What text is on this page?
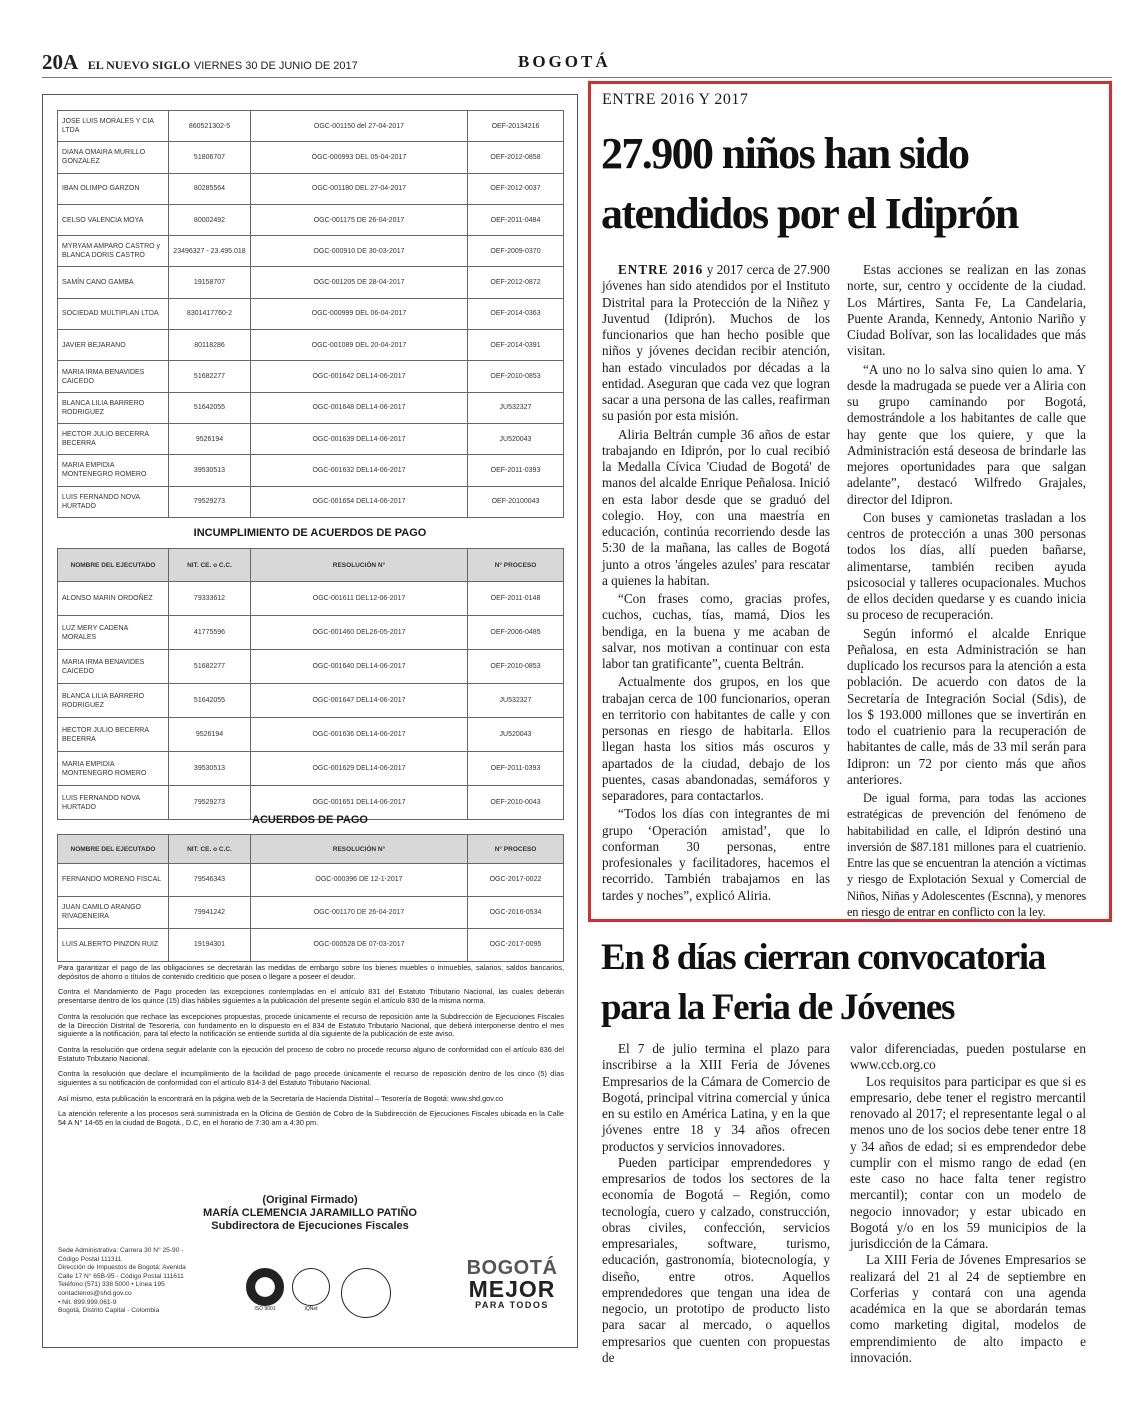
20A EL NUEVO SIGLO VIERNES 30 DE JUNIO DE 2017	BOGOTÁ
JOSE LUIS MORALES Y CIA LTDA	860521302-5	OGC-001150 del 27-04-2017	OEF-20134216
DIANA OMAIRA MURILLO GONZALEZ	51806707	OGC-000993 DEL 05-04-2017	OEF-2012-0858
IBAN OLIMPO GARZON	80285564	OGC-001180 DEL 27-04-2017	OEF-2012-0037
CELSO VALENCIA MOYA	80002492	OGC-001175 DE 26-04-2017	OEF-2011-0484
MYRYAM AMPARO CASTRO y BLANCA DORIS CASTRO	23496327 - 23.495.018	OGC-000910 DE 30-03-2017	OEF-2009-0370
SAMÍN CANO GAMBA	19158707	OGC-001205 DE 28-04-2017	OEF-2012-0872
SOCIEDAD MULTIPLAN LTDA	8301417760-2	OGC-000999 DEL 06-04-2017	OEF-2014-0363
JAVIER BEJARANO	80118286	OGC-001089 DEL 20-04-2017	OEF-2014-0391
MARIA IRMA BENAVIDES CAICEDO	51682277	OGC-001642 DEL14-06-2017	OEF-2010-0853
BLANCA LILIA BARRERO RODRIGUEZ	51642055	OGC-001648 DEL14-06-2017	JU532327
HECTOR JULIO BECERRA BECERRA	9526194	OGC-001639 DEL14-06-2017	JU520043
MARIA EMPIDIA MONTENEGRO ROMERO	39530513	OGC-001632 DEL14-06-2017	OEF-2011-0393
LUIS FERNANDO NOVA HURTADO	79529273	OGC-001654 DEL14-06-2017	OEF-20100043
INCUMPLIMIENTO DE ACUERDOS DE PAGO
NOMBRE DEL EJECUTADO	NIT. CE. o C.C.	RESOLUCIÓN N°	N° PROCESO
ALONSO MARIN ORDOÑEZ	79333612	OGC-001611 DEL12-06-2017	OEF-2011-0148
LUZ MERY CADENA MORALES	41775596	OGC-001460 DEL26-05-2017	OEF-2006-0485
MARIA IRMA BENAVIDES CAICEDO	51682277	OGC-001640 DEL14-06-2017	OEF-2010-0853
BLANCA LILIA BARRERO RODRIGUEZ	51642055	OGC-001647 DEL14-06-2017	JU532327
HECTOR JULIO BECERRA BECERRA	9526194	OGC-001636 DEL14-06-2017	JU520043
MARIA EMPIDIA MONTENEGRO ROMERO	39530513	OGC-001629 DEL14-06-2017	OEF-2011-0393
LUIS FERNANDO NOVA HURTADO	79529273	OGC-001651 DEL14-06-2017	OEF-2010-0043
ACUERDOS DE PAGO
NOMBRE DEL EJECUTADO	NIT. CE. o C.C.	RESOLUCIÓN N°	N° PROCESO
FERNANDO MORENO FISCAL	79546343	OGC-000396 DE 12-1-2017	OGC-2017-0022
JUAN CAMILO ARANGO RIVADENEIRA	79941242	OGC-001170 DE 26-04-2017	OGC-2016-0534
LUIS ALBERTO PINZON RUIZ	19194301	OGC-000528 DE 07-03-2017	OGC-2017-0095

Para garantizar el pago de las obligaciones se decretarán las medidas de embargo sobre los bienes muebles o inmuebles, salarios, saldos bancarios, depósitos de ahorro o títulos de contenido crediticio que posea o llegare a poseer el deudor.

Contra el Mandamiento de Pago proceden las excepciones contempladas en el artículo 831 del Estatuto Tributario Nacional, las cuales deberán presentarse dentro de los quince (15) días hábiles siguientes a la publicación del presente según el artículo 830 de la misma norma.

Contra la resolución que rechace las excepciones propuestas, procede únicamente el recurso de reposición ante la Subdirección de Ejecuciones Fiscales de la Dirección Distrital de Tesorería, con fundamento en lo dispuesto en el 834 de Estatuto Tributario Nacional, que deberá interponerse dentro el mes siguiente a la notificación, para tal efecto la notificación se entiende surtida al día siguiente de la publicación de este aviso.

Contra la resolución que ordena seguir adelante con la ejecución del proceso de cobro no procede recurso alguno de conformidad con el artículo 836 del Estatuto Tributario Nacional.

Contra la resolución que declare el incumplimiento de la facilidad de pago procede únicamente el recurso de reposición dentro de los cinco (5) días siguientes a su notificación de conformidad con el artículo 814-3 del Estatuto Tributario Nacional.

Así mismo, esta publicación la encontrará en la página web de la Secretaría de Hacienda Distrital – Tesorería de Bogotá: www.shd.gov.co

La atención referente a los procesos será suministrada en la Oficina de Gestión de Cobro de la Subdirección de Ejecuciones Fiscales ubicada en la Calle 54 A N° 14-65 en la ciudad de Bogotá., D.C, en el horario de 7:30 am a 4:30 pm.

(Original Firmado)
MARÍA CLEMENCIA JARAMILLO PATIÑO
Subdirectora de Ejecuciones Fiscales
Sede Administrativa: Carrera 30 N° 25-90 -
Código Postal 111311
Dirección de Impuestos de Bogotá: Avenida
Calle 17 N° 65B-95 - Código Postal 111611
Teléfono (571) 338 5000 • Línea 195
contactenos@shd.gov.co
• Nit. 899.999.061-9
Bogotá, Distrito Capital - Colombia	ISO 9001	IQNet
BOGOTÁ
MEJOR
PARA TODOS
ENTRE 2016 Y 2017
27.900 niños han sido atendidos por el Idiprón

ENTRE 2016 y 2017 cerca de 27.900 jóvenes han sido atendidos por el Instituto Distrital para la Protección de la Niñez y Juventud (Idiprón). Muchos de los funcionarios que han hecho posible que niños y jóvenes decidan recibir atención, han estado vinculados por décadas a la entidad. Aseguran que cada vez que logran sacar a una persona de las calles, reafirman su pasión por esta misión.

Aliria Beltrán cumple 36 años de estar trabajando en Idiprón, por lo cual recibió la Medalla Cívica 'Ciudad de Bogotá' de manos del alcalde Enrique Peñalosa. Inició en esta labor desde que se graduó del colegio. Hoy, con una maestría en educación, continúa recorriendo desde las 5:30 de la mañana, las calles de Bogotá junto a otros 'ángeles azules' para rescatar a quienes la habitan.

“Con frases como, gracias profes, cuchos, cuchas, tías, mamá, Dios les bendiga, en la buena y me acaban de salvar, nos motivan a continuar con esta labor tan gratificante”, cuenta Beltrán.

Actualmente dos grupos, en los que trabajan cerca de 100 funcionarios, operan en territorio con habitantes de calle y con personas en riesgo de habitarla. Ellos llegan hasta los sitios más oscuros y apartados de la ciudad, debajo de los puentes, casas abandonadas, semáforos y separadores, para contactarlos.

“Todos los días con integrantes de mi grupo ‘Operación amistad’, que lo conforman 30 personas, entre profesionales y facilitadores, hacemos el recorrido. También trabajamos en las tardes y noches”, explicó Aliria.

Estas acciones se realizan en las zonas norte, sur, centro y occidente de la ciudad. Los Mártires, Santa Fe, La Candelaria, Puente Aranda, Kennedy, Antonio Nariño y Ciudad Bolívar, son las localidades que más visitan.

“A uno no lo salva sino quien lo ama. Y desde la madrugada se puede ver a Aliria con su grupo caminando por Bogotá, demostrándole a los habitantes de calle que hay gente que los quiere, y que la Administración está deseosa de brindarle las mejores oportunidades para que salgan adelante”, destacó Wilfredo Grajales, director del Idipron.

Con buses y camionetas trasladan a los centros de protección a unas 300 personas todos los días, allí pueden bañarse, alimentarse, también reciben ayuda psicosocial y talleres ocupacionales. Muchos de ellos deciden quedarse y es cuando inicia su proceso de recuperación.

Según informó el alcalde Enrique Peñalosa, en esta Administración se han duplicado los recursos para la atención a esta población. De acuerdo con datos de la Secretaría de Integración Social (Sdis), de los $ 193.000 millones que se invertirán en todo el cuatrienio para la recuperación de habitantes de calle, más de 33 mil serán para Idipron: un 72 por ciento más que años anteriores.

De igual forma, para todas las acciones estratégicas de prevención del fenómeno de habitabilidad en calle, el Idiprón destinó una inversión de $87.181 millones para el cuatrienio. Entre las que se encuentran la atención a víctimas y riesgo de Explotación Sexual y Comercial de Niños, Niñas y Adolescentes (Escnna), y menores en riesgo de entrar en conflicto con la ley.

En 8 días cierran convocatoria para la Feria de Jóvenes

El 7 de julio termina el plazo para inscribirse a la XIII Feria de Jóvenes Empresarios de la Cámara de Comercio de Bogotá, principal vitrina comercial y única en su estilo en América Latina, y en la que jóvenes entre 18 y 34 años ofrecen productos y servicios innovadores.

Pueden participar emprendedores y empresarios de todos los sectores de la economía de Bogotá – Región, como tecnología, cuero y calzado, construcción, obras civiles, confección, servicios empresariales, software, turismo, educación, gastronomía, biotecnología, y diseño, entre otros. Aquellos emprendedores que tengan una idea de negocio, un prototipo de producto listo para sacar al mercado, o aquellos empresarios que cuenten con propuestas de

valor diferenciadas, pueden postularse en www.ccb.org.co

Los requisitos para participar es que si es empresario, debe tener el registro mercantil renovado al 2017; el representante legal o al menos uno de los socios debe tener entre 18 y 34 años de edad; si es emprendedor debe cumplir con el mismo rango de edad (en este caso no hace falta tener registro mercantil); contar con un modelo de negocio innovador; y estar ubicado en Bogotá y/o en los 59 municipios de la jurisdicción de la Cámara.

La XIII Feria de Jóvenes Empresarios se realizará del 21 al 24 de septiembre en Corferias y contará con una agenda académica en la que se abordarán temas como marketing digital, modelos de emprendimiento de alto impacto e innovación.
